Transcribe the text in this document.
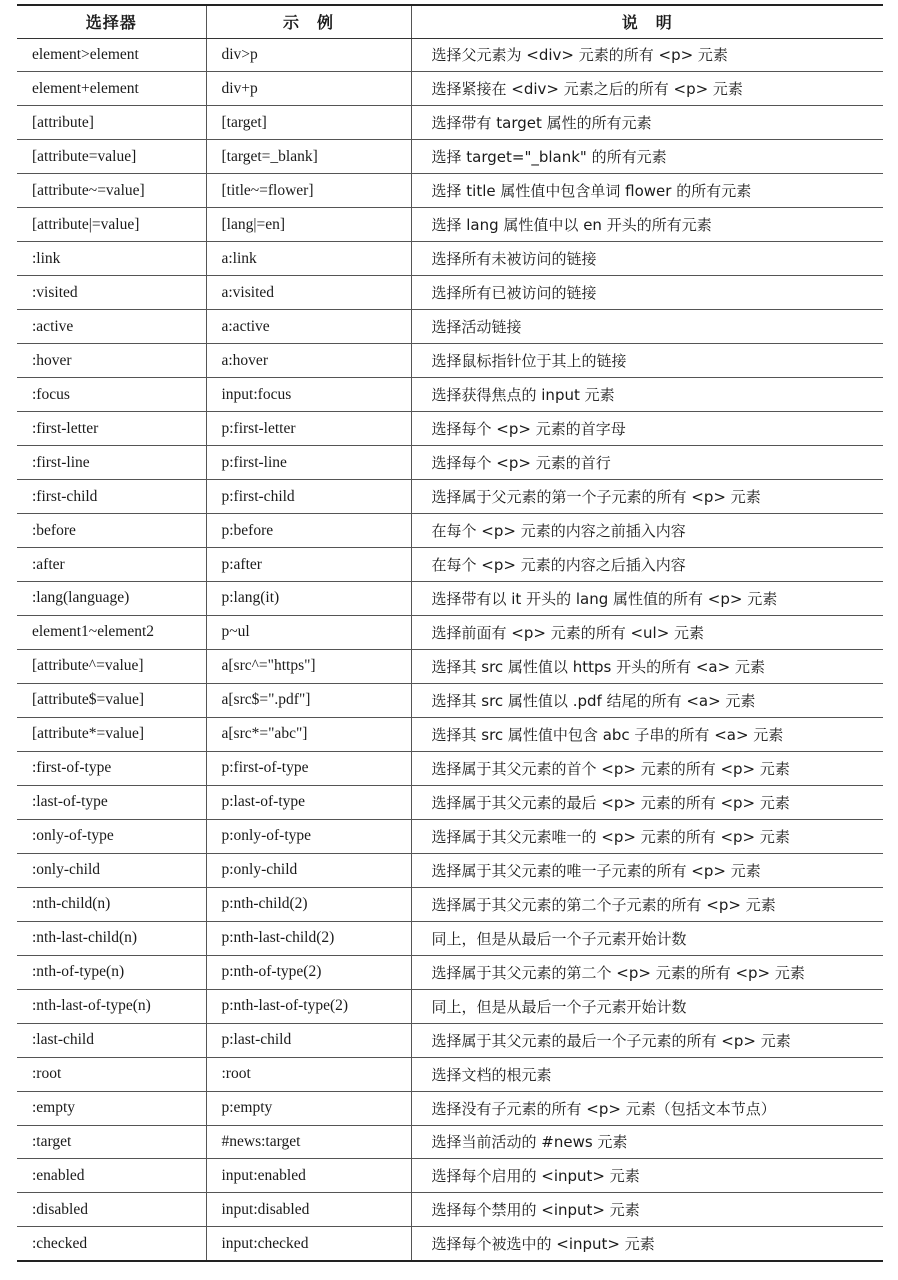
选择器	示　例	说　明
element>element	div>p	选择父元素为 <div> 元素的所有 <p> 元素
element+element	div+p	选择紧接在 <div> 元素之后的所有 <p> 元素
[attribute]	[target]	选择带有 target 属性的所有元素
[attribute=value]	[target=_blank]	选择 target="_blank" 的所有元素
[attribute~=value]	[title~=flower]	选择 title 属性值中包含单词 flower 的所有元素
[attribute|=value]	[lang|=en]	选择 lang 属性值中以 en 开头的所有元素
:link	a:link	选择所有未被访问的链接
:visited	a:visited	选择所有已被访问的链接
:active	a:active	选择活动链接
:hover	a:hover	选择鼠标指针位于其上的链接
:focus	input:focus	选择获得焦点的 input 元素
:first-letter	p:first-letter	选择每个 <p> 元素的首字母
:first-line	p:first-line	选择每个 <p> 元素的首行
:first-child	p:first-child	选择属于父元素的第一个子元素的所有 <p> 元素
:before	p:before	在每个 <p> 元素的内容之前插入内容
:after	p:after	在每个 <p> 元素的内容之后插入内容
:lang(language)	p:lang(it)	选择带有以 it 开头的 lang 属性值的所有 <p> 元素
element1~element2	p~ul	选择前面有 <p> 元素的所有 <ul> 元素
[attribute^=value]	a[src^="https"]	选择其 src 属性值以 https 开头的所有 <a> 元素
[attribute$=value]	a[src$=".pdf"]	选择其 src 属性值以 .pdf 结尾的所有 <a> 元素
[attribute*=value]	a[src*="abc"]	选择其 src 属性值中包含 abc 子串的所有 <a> 元素
:first-of-type	p:first-of-type	选择属于其父元素的首个 <p> 元素的所有 <p> 元素
:last-of-type	p:last-of-type	选择属于其父元素的最后 <p> 元素的所有 <p> 元素
:only-of-type	p:only-of-type	选择属于其父元素唯一的 <p> 元素的所有 <p> 元素
:only-child	p:only-child	选择属于其父元素的唯一子元素的所有 <p> 元素
:nth-child(n)	p:nth-child(2)	选择属于其父元素的第二个子元素的所有 <p> 元素
:nth-last-child(n)	p:nth-last-child(2)	同上，但是从最后一个子元素开始计数
:nth-of-type(n)	p:nth-of-type(2)	选择属于其父元素的第二个 <p> 元素的所有 <p> 元素
:nth-last-of-type(n)	p:nth-last-of-type(2)	同上，但是从最后一个子元素开始计数
:last-child	p:last-child	选择属于其父元素的最后一个子元素的所有 <p> 元素
:root	:root	选择文档的根元素
:empty	p:empty	选择没有子元素的所有 <p> 元素（包括文本节点）
:target	#news:target	选择当前活动的 #news 元素
:enabled	input:enabled	选择每个启用的 <input> 元素
:disabled	input:disabled	选择每个禁用的 <input> 元素
:checked	input:checked	选择每个被选中的 <input> 元素
